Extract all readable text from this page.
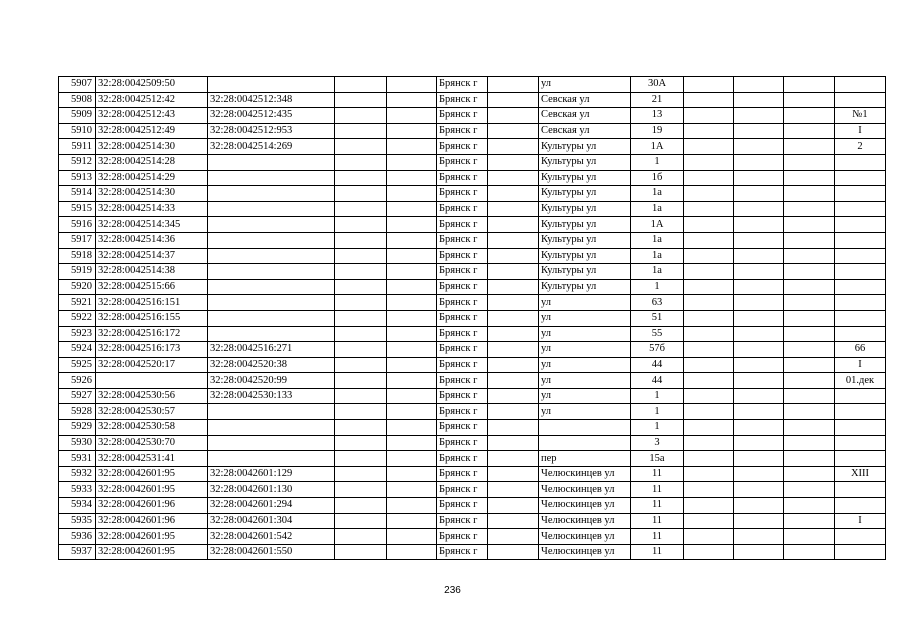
5907	32:28:0042509:50				Брянск г		ул	30А				
5908	32:28:0042512:42	32:28:0042512:348			Брянск г		Севская ул	21				
5909	32:28:0042512:43	32:28:0042512:435			Брянск г		Севская ул	13				№1
5910	32:28:0042512:49	32:28:0042512:953			Брянск г		Севская ул	19				I
5911	32:28:0042514:30	32:28:0042514:269			Брянск г		Культуры ул	1А				2
5912	32:28:0042514:28				Брянск г		Культуры ул	1				
5913	32:28:0042514:29				Брянск г		Культуры ул	1б				
5914	32:28:0042514:30				Брянск г		Культуры ул	1а				
5915	32:28:0042514:33				Брянск г		Культуры ул	1а				
5916	32:28:0042514:345				Брянск г		Культуры ул	1А				
5917	32:28:0042514:36				Брянск г		Культуры ул	1а				
5918	32:28:0042514:37				Брянск г		Культуры ул	1а				
5919	32:28:0042514:38				Брянск г		Культуры ул	1а				
5920	32:28:0042515:66				Брянск г		Культуры ул	1				
5921	32:28:0042516:151				Брянск г		ул	63				
5922	32:28:0042516:155				Брянск г		ул	51				
5923	32:28:0042516:172				Брянск г		ул	55				
5924	32:28:0042516:173	32:28:0042516:271			Брянск г		ул	57б				66
5925	32:28:0042520:17	32:28:0042520:38			Брянск г		ул	44				I
5926		32:28:0042520:99			Брянск г		ул	44				01.дек
5927	32:28:0042530:56	32:28:0042530:133			Брянск г		ул	1				
5928	32:28:0042530:57				Брянск г		ул	1				
5929	32:28:0042530:58				Брянск г			1				
5930	32:28:0042530:70				Брянск г			3				
5931	32:28:0042531:41				Брянск г		пер	15а				
5932	32:28:0042601:95	32:28:0042601:129			Брянск г		Челюскинцев ул	11				XIII
5933	32:28:0042601:95	32:28:0042601:130			Брянск г		Челюскинцев ул	11				
5934	32:28:0042601:96	32:28:0042601:294			Брянск г		Челюскинцев ул	11				
5935	32:28:0042601:96	32:28:0042601:304			Брянск г		Челюскинцев ул	11				I
5936	32:28:0042601:95	32:28:0042601:542			Брянск г		Челюскинцев ул	11				
5937	32:28:0042601:95	32:28:0042601:550			Брянск г		Челюскинцев ул	11				
236
